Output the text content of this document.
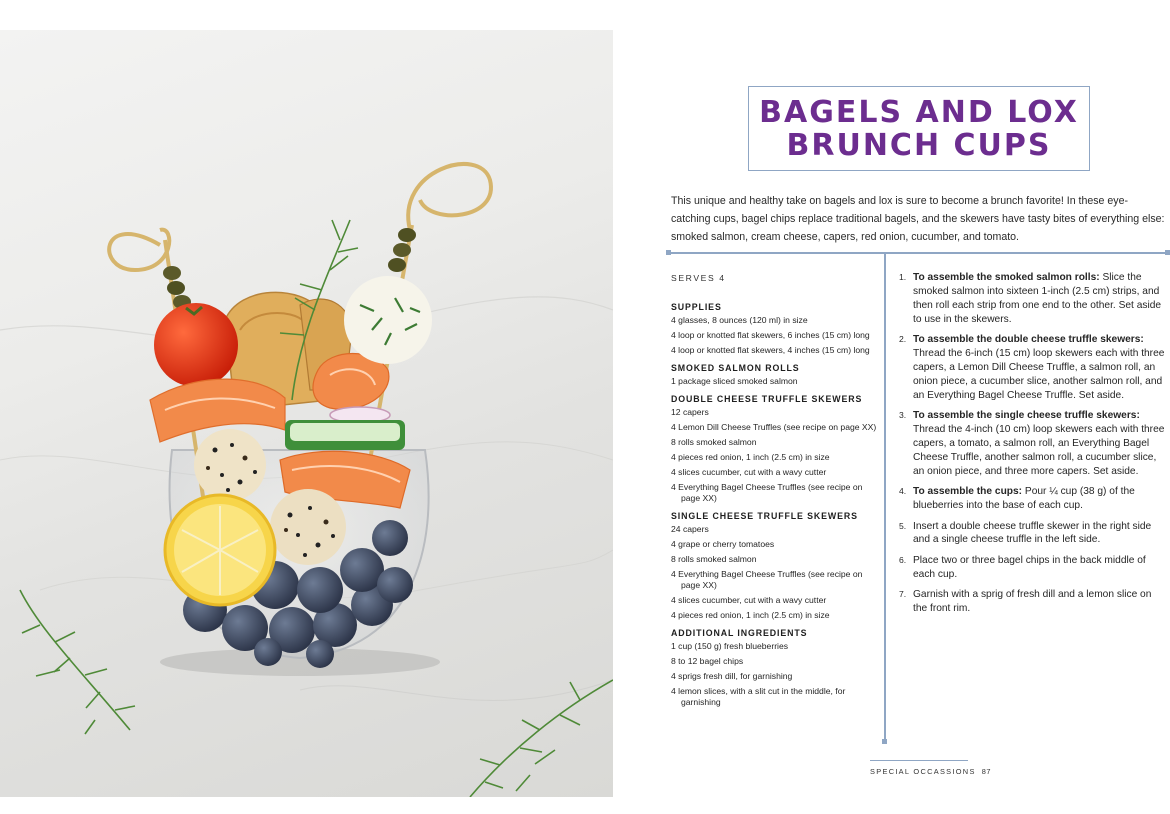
BAGELS AND LOX
BRUNCH CUPS

This unique and healthy take on bagels and lox is sure to become a brunch favorite! In these eye-catching cups, bagel chips replace traditional bagels, and the skewers have tasty bites of everything else: smoked salmon, cream cheese, capers, red onion, cucumber, and tomato.

SERVES 4
SUPPLIES
4 glasses, 8 ounces (120 ml) in size
4 loop or knotted flat skewers, 6 inches (15 cm) long
4 loop or knotted flat skewers, 4 inches (15 cm) long
SMOKED SALMON ROLLS
1 package sliced smoked salmon
DOUBLE CHEESE TRUFFLE SKEWERS
12 capers
4 Lemon Dill Cheese Truffles (see recipe on page XX)
8 rolls smoked salmon
4 pieces red onion, 1 inch (2.5 cm) in size
4 slices cucumber, cut with a wavy cutter
4 Everything Bagel Cheese Truffles (see recipe on page XX)
SINGLE CHEESE TRUFFLE SKEWERS
24 capers
4 grape or cherry tomatoes
8 rolls smoked salmon
4 Everything Bagel Cheese Truffles (see recipe on page XX)
4 slices cucumber, cut with a wavy cutter
4 pieces red onion, 1 inch (2.5 cm) in size
ADDITIONAL INGREDIENTS
1 cup (150 g) fresh blueberries
8 to 12 bagel chips
4 sprigs fresh dill, for garnishing
4 lemon slices, with a slit cut in the middle, for garnishing
1. To assemble the smoked salmon rolls: Slice the smoked salmon into sixteen 1-inch (2.5 cm) strips, and then roll each strip from one end to the other. Set aside to use in the skewers.
2. To assemble the double cheese truffle skewers: Thread the 6-inch (15 cm) loop skewers each with three capers, a Lemon Dill Cheese Truffle, a salmon roll, an onion piece, a cucumber slice, another salmon roll, and an Everything Bagel Cheese Truffle. Set aside.
3. To assemble the single cheese truffle skewers: Thread the 4-inch (10 cm) loop skewers each with three capers, a tomato, a salmon roll, an Everything Bagel Cheese Truffle, another salmon roll, a cucumber slice, an onion piece, and three more capers. Set aside.
4. To assemble the cups: Pour ¼ cup (38 g) of the blueberries into the base of each cup.
5. Insert a double cheese truffle skewer in the right side and a single cheese truffle in the left side.
6. Place two or three bagel chips in the back middle of each cup.
7. Garnish with a sprig of fresh dill and a lemon slice on the front rim.
SPECIAL OCCASSIONS 87
